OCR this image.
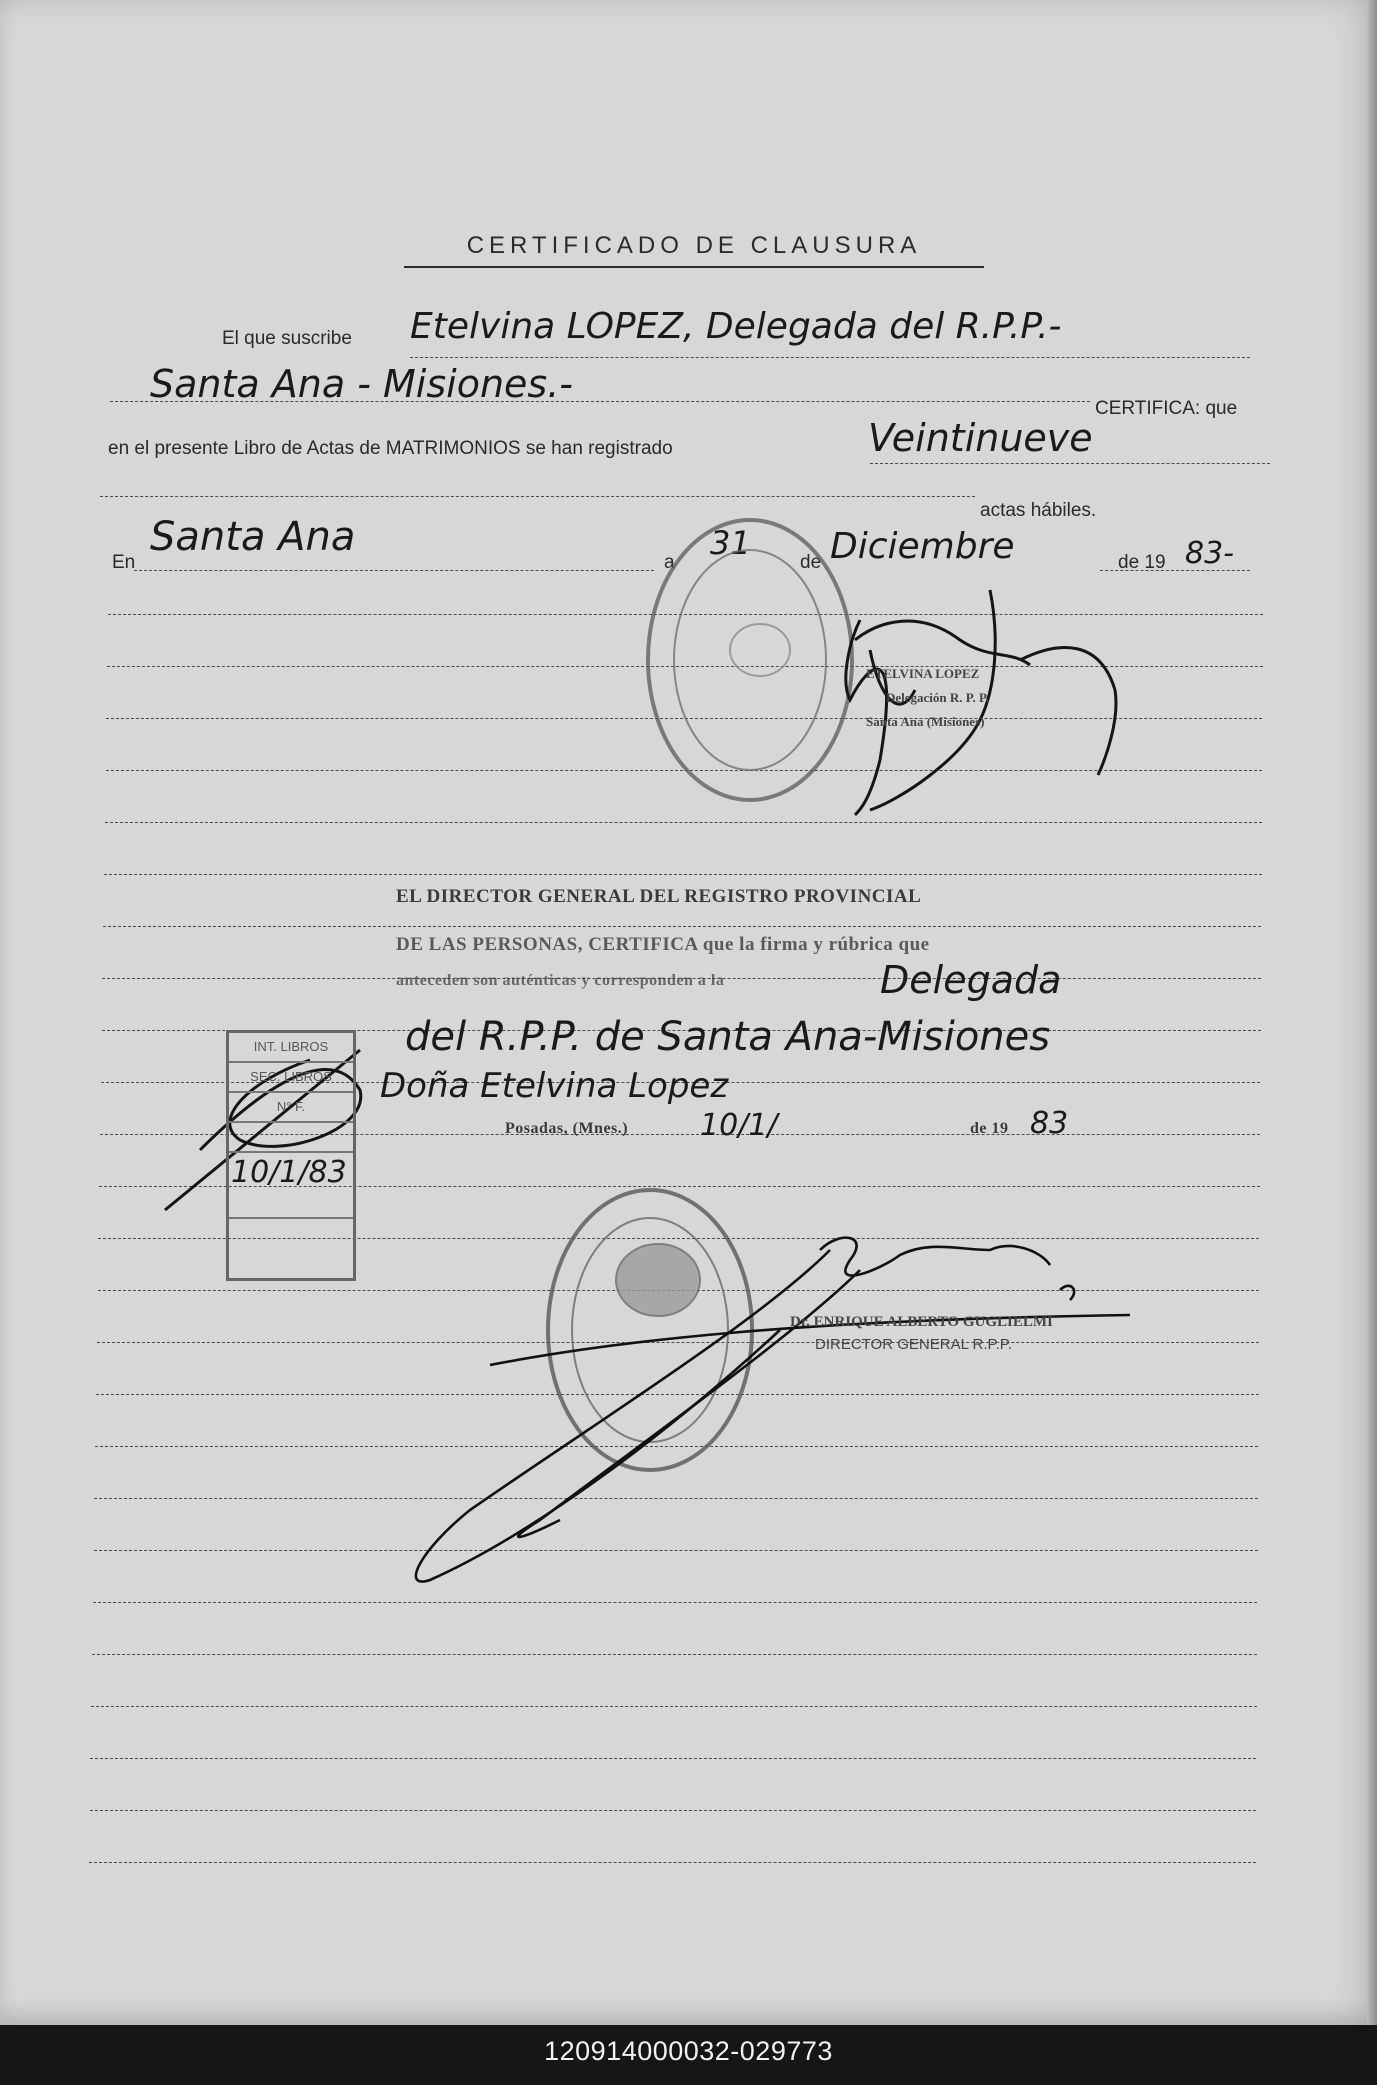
CERTIFICADO DE CLAUSURA
El que suscribe Etelvina LOPEZ, Delegada del R.P.P.-
Santa Ana - Misiones.-
CERTIFICA: que
en el presente Libro de Actas de MATRIMONIOS se han registrado	Veintinueve
actas hábiles.
En
Santa Ana
a
31
de Diciembre	de 19 83-
ETELVINA LOPEZ
Delegación R. P. P.
Santa Ana (Misiones)
EL DIRECTOR GENERAL DEL REGISTRO PROVINCIAL
DE LAS PERSONAS, CERTIFICA que la firma y rúbrica que
anteceden son auténticas y corresponden a la	Delegada
del R.P.P. de Santa Ana-Misiones
Doña Etelvina Lopez
Posadas, (Mnes.) 10/1/	de 19 83
INT. LIBROS
SEC. LIBROS
N° F.
10/1/83
Dr. ENRIQUE ALBERTO GUGLIELMI
DIRECTOR GENERAL R.P.P.
120914000032-029773
